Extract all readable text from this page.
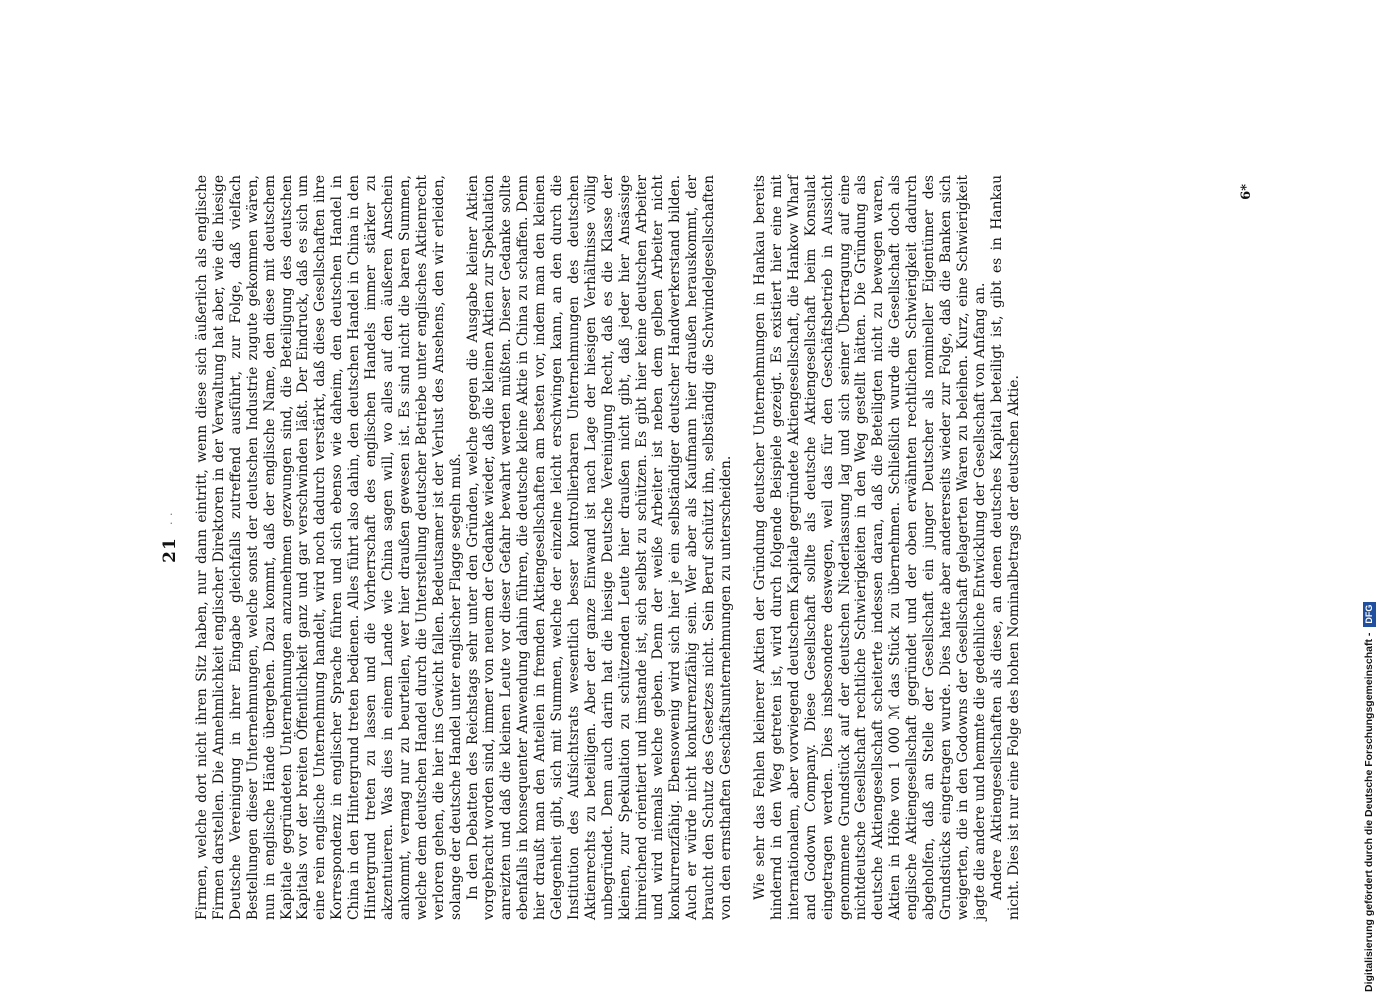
21
. . Firmen, welche dort nicht ihren Sitz haben, nur dann eintritt, wenn diese sich äußerlich als englische Firmen darstellen. Die Annehmlichkeit englischer Direktoren in der Verwaltung hat aber, wie die hiesige Deutsche Vereinigung in ihrer Eingabe gleichfalls zutreffend ausführt, zur Folge, daß vielfach Bestellungen dieser Unternehmungen, welche sonst der deutschen Industrie zugute gekommen wären, nun in englische Hände übergehen. Dazu kommt, daß der englische Name, den diese mit deutschem Kapitale gegründeten Unternehmungen anzunehmen gezwungen sind, die Beteiligung des deutschen Kapitals vor der breiten Öffentlichkeit ganz und gar verschwinden läßt. Der Eindruck, daß es sich um eine rein englische Unternehmung handelt, wird noch dadurch verstärkt, daß diese Gesellschaften ihre Korrespondenz in englischer Sprache führen und sich ebenso wie daheim, den deutschen Handel in China in den Hintergrund treten bedienen. Alles führt also dahin, den deutschen Handel in China in den Hintergrund treten zu lassen und die Vorherrschaft des englischen Handels immer stärker zu akzentuieren. Was dies in einem Lande wie China sagen will, wo alles auf den äußeren Anschein ankommt, vermag nur zu beurteilen, wer hier draußen gewesen ist. Es sind nicht die baren Summen, welche dem deutschen Handel durch die Unterstellung deutscher Betriebe unter englisches Aktienrecht verloren gehen, die hier ins Gewicht fallen. Bedeutsamer ist der Verlust des Ansehens, den wir erleiden, solange der deutsche Handel unter englischer Flagge segeln muß. In den Debatten des Reichstags sehr unter den Gründen, welche gegen die Ausgabe kleiner Aktien vorgebracht worden sind, immer von neuem der Gedanke wieder, daß die kleinen Aktien zur Spekulation anreizten und daß die kleinen Leute vor dieser Gefahr bewahrt werden müßten. Dieser Gedanke sollte ebenfalls in konsequenter Anwendung dahin führen, die deutsche kleine Aktie in China zu schaffen. Denn hier draußt man den Anteilen in fremden Aktiengesellschaften am besten vor, indem man den kleinen Gelegenheit gibt, sich mit Summen, welche der einzelne leicht erschwingen kann, an den durch die Institution des Aufsichtsrats wesentlich besser kontrollierbaren Unternehmungen des deutschen Aktienrechts zu beteiligen. Aber der ganze Einwand ist nach Lage der hiesigen Verhältnisse völlig unbegründet. Denn auch darin hat die hiesige Deutsche Vereinigung Recht, daß es die Klasse der kleinen, zur Spekulation zu schützenden Leute hier draußen nicht gibt, daß jeder hier Ansässige hinreichend orientiert und imstande ist, sich selbst zu schützen. Es gibt hier keine deutschen Arbeiter und wird niemals welche geben. Denn der weiße Arbeiter ist neben dem gelben Arbeiter nicht konkurrenzfähig. Ebensowenig wird sich hier je ein selbständiger deutscher Handwerkerstand bilden. Auch er würde nicht konkurrenzfähig sein. Wer aber als Kaufmann hier draußen herauskommt, der braucht den Schutz des Gesetzes nicht. Sein Beruf schützt ihn, selbständig die Schwindelgesellschaften von den ernsthaften Geschäftsunternehmungen zu unterscheiden. Wie sehr das Fehlen kleinerer Aktien der Gründung deutscher Unternehmungen in Hankau bereits hindernd in den Weg getreten ist, wird durch folgende Beispiele gezeigt. Es existiert hier eine mit internationalem, aber vorwiegend deutschem Kapitale gegründete Aktiengesellschaft, die Hankow Wharf and Godown Company. Diese Gesellschaft sollte als deutsche Aktiengesellschaft beim Konsulat eingetragen werden. Dies insbesondere deswegen, weil das für den Geschäftsbetrieb in Aussicht genommene Grundstück auf der deutschen Niederlassung lag und sich seiner Übertragung auf eine nichtdeutsche Gesellschaft rechtliche Schwierigkeiten in den Weg gestellt hätten. Die Gründung als deutsche Aktiengesellschaft scheiterte indessen daran, daß die Beteiligten nicht zu bewegen waren, Aktien in Höhe von 1 000 ℳ das Stück zu übernehmen. Schließlich wurde die Gesellschaft doch als englische Aktiengesellschaft gegründet und der oben erwähnten rechtlichen Schwierigkeit dadurch abgeholfen, daß an Stelle der Gesellschaft ein junger Deutscher als nomineller Eigentümer des Grundstücks eingetragen wurde. Dies hatte aber andererseits wieder zur Folge, daß die Banken sich weigerten, die in den Godowns der Gesellschaft gelagerten Waren zu beleihen. Kurz, eine Schwierigkeit jagte die andere und hemmte die gedeihliche Entwicklung der Gesellschaft von Anfang an. Andere Aktiengesellschaften als diese, an denen deutsches Kapital beteiligt ist, gibt es in Hankau nicht. Dies ist nur eine Folge des hohen Nominalbetrags der deutschen Aktie.

6*
Digitalisierung gefördert durch die Deutsche Forschungsgemeinschaft -
DFG
